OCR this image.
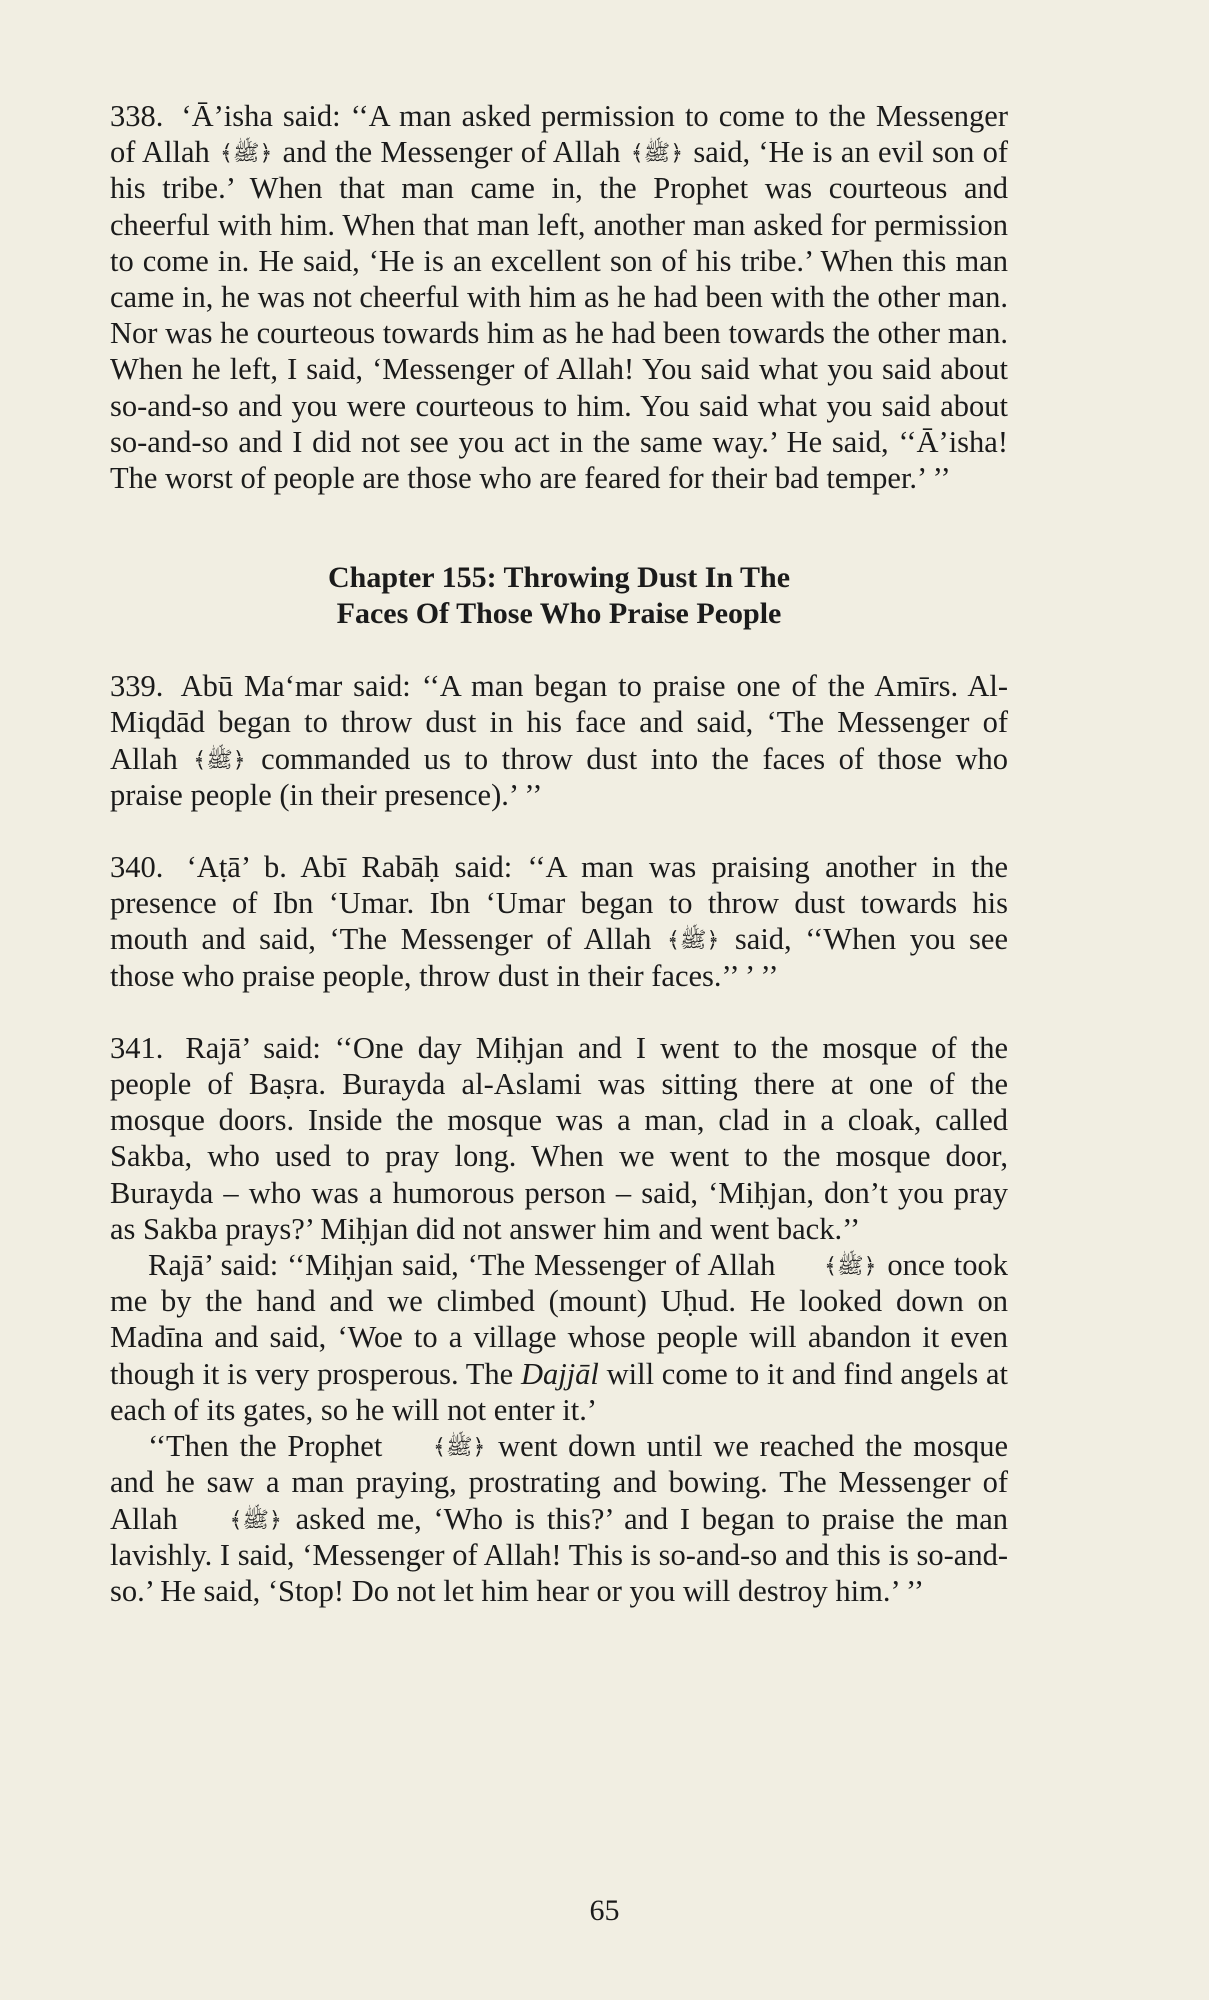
338. ‘Ā’isha said: ‘‘A man asked permission to come to the Messenger of Allah ﴾ﷺ﴿ and the Messenger of Allah ﴾ﷺ﴿ said, ‘He is an evil son of his tribe.’ When that man came in, the Prophet was courteous and cheerful with him. When that man left, another man asked for permission to come in. He said, ‘He is an excellent son of his tribe.’ When this man came in, he was not cheerful with him as he had been with the other man. Nor was he courteous towards him as he had been towards the other man. When he left, I said, ‘Messenger of Allah! You said what you said about so-and-so and you were courteous to him. You said what you said about so-and-so and I did not see you act in the same way.’ He said, ‘‘Ā’isha! The worst of people are those who are feared for their bad temper.’ ’’

Chapter 155: Throwing Dust In The

Faces Of Those Who Praise People

339. Abū Ma‘mar said: ‘‘A man began to praise one of the Amīrs. Al-Miqdād began to throw dust in his face and said, ‘The Messenger of Allah ﴾ﷺ﴿ commanded us to throw dust into the faces of those who praise people (in their presence).’ ’’

340. ‘Aṭā’ b. Abī Rabāḥ said: ‘‘A man was praising another in the presence of Ibn ‘Umar. Ibn ‘Umar began to throw dust towards his mouth and said, ‘The Messenger of Allah ﴾ﷺ﴿ said, ‘‘When you see those who praise people, throw dust in their faces.’’ ’ ’’

341. Rajā’ said: ‘‘One day Miḥjan and I went to the mosque of the people of Baṣra. Burayda al-Aslami was sitting there at one of the mosque doors. Inside the mosque was a man, clad in a cloak, called Sakba, who used to pray long. When we went to the mosque door, Burayda – who was a humorous person – said, ‘Miḥjan, don’t you pray as Sakba prays?’ Miḥjan did not answer him and went back.’’

Rajā’ said: ‘‘Miḥjan said, ‘The Messenger of Allah ﴾ﷺ﴿ once took me by the hand and we climbed (mount) Uḥud. He looked down on Madīna and said, ‘Woe to a village whose people will abandon it even though it is very prosperous. The Dajjāl will come to it and find angels at each of its gates, so he will not enter it.’

‘‘Then the Prophet ﴾ﷺ﴿ went down until we reached the mosque and he saw a man praying, prostrating and bowing. The Messenger of Allah ﴾ﷺ﴿ asked me, ‘Who is this?’ and I began to praise the man lavishly. I said, ‘Messenger of Allah! This is so-and-so and this is so-and-so.’ He said, ‘Stop! Do not let him hear or you will destroy him.’ ’’

65
